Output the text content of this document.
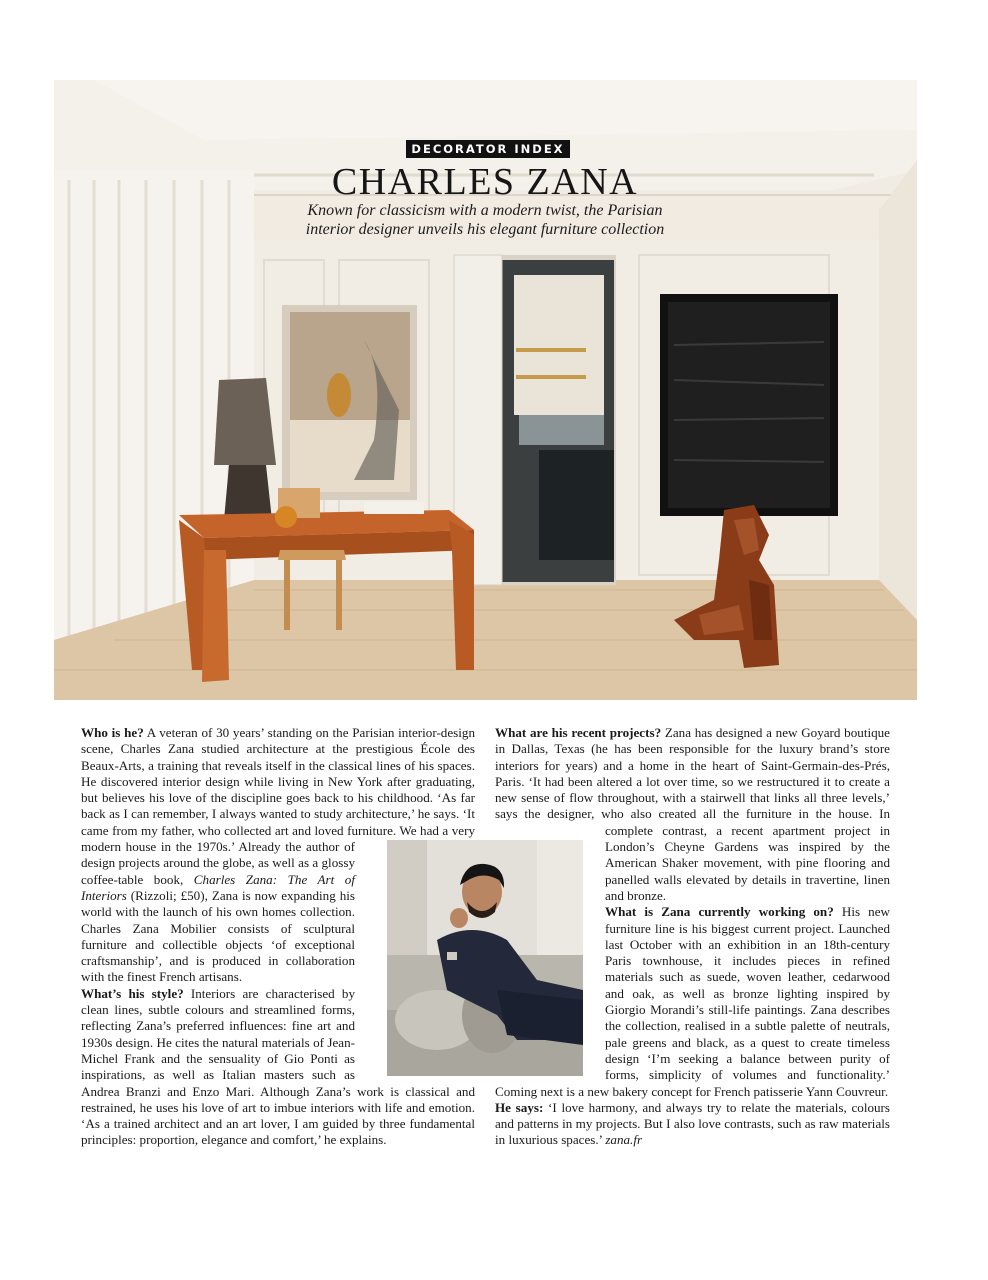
DECORATOR INDEX
CHARLES ZANA
Known for classicism with a modern twist, the Parisian
interior designer unveils his elegant furniture collection

Who is he? A veteran of 30 years’ standing on the Parisian interior-design scene, Charles Zana studied architecture at the prestigious École des Beaux-Arts, a training that reveals itself in the classical lines of his spaces. He discovered interior design while living in New York after graduating, but believes his love of the discipline goes back to his childhood. ‘As far back as I can remember, I always wanted to study architecture,’ he says. ‘It came from my father, who collected art and loved furniture. We had a very modern house in the 1970s.’ Already the author of design projects around the globe, as well as a glossy coffee-table book, Charles Zana: The Art of Interiors (Rizzoli; £50), Zana is now expanding his world with the launch of his own homes collection. Charles Zana Mobilier consists of sculptural furniture and collectible objects ‘of exceptional craftsmanship’, and is produced in collaboration with the finest French artisans.

What’s his style? Interiors are characterised by clean lines, subtle colours and streamlined forms, reflecting Zana’s preferred influences: fine art and 1930s design. He cites the natural materials of Jean-Michel Frank and the sensuality of Gio Ponti as inspirations, as well as Italian masters such as Andrea Branzi and Enzo Mari. Although Zana’s work is classical and restrained, he uses his love of art to imbue interiors with life and emotion. ‘As a trained architect and an art lover, I am guided by three fundamental principles: proportion, elegance and comfort,’ he explains.

What are his recent projects? Zana has designed a new Goyard boutique in Dallas, Texas (he has been responsible for the luxury brand’s store interiors for years) and a home in the heart of Saint-Germain-des-Prés, Paris. ‘It had been altered a lot over time, so we restructured it to create a new sense of flow throughout, with a stairwell that links all three levels,’ says the designer, who also created all the furniture in the house. In complete contrast, a recent apartment project in London’s Cheyne Gardens was inspired by the American Shaker movement, with pine flooring and panelled walls elevated by details in travertine, linen and bronze.

What is Zana currently working on? His new furniture line is his biggest current project. Launched last October with an exhibition in an 18th-century Paris townhouse, it includes pieces in refined materials such as suede, woven leather, cedarwood and oak, as well as bronze lighting inspired by Giorgio Morandi’s still-life paintings. Zana describes the collection, realised in a subtle palette of neutrals, pale greens and black, as a quest to create timeless design ‘I’m seeking a balance between purity of forms, simplicity of volumes and functionality.’ Coming next is a new bakery concept for French patisserie Yann Couvreur.

He says: ‘I love harmony, and always try to relate the materials, colours and patterns in my projects. But I also love contrasts, such as raw materials in luxurious spaces.’ zana.fr
